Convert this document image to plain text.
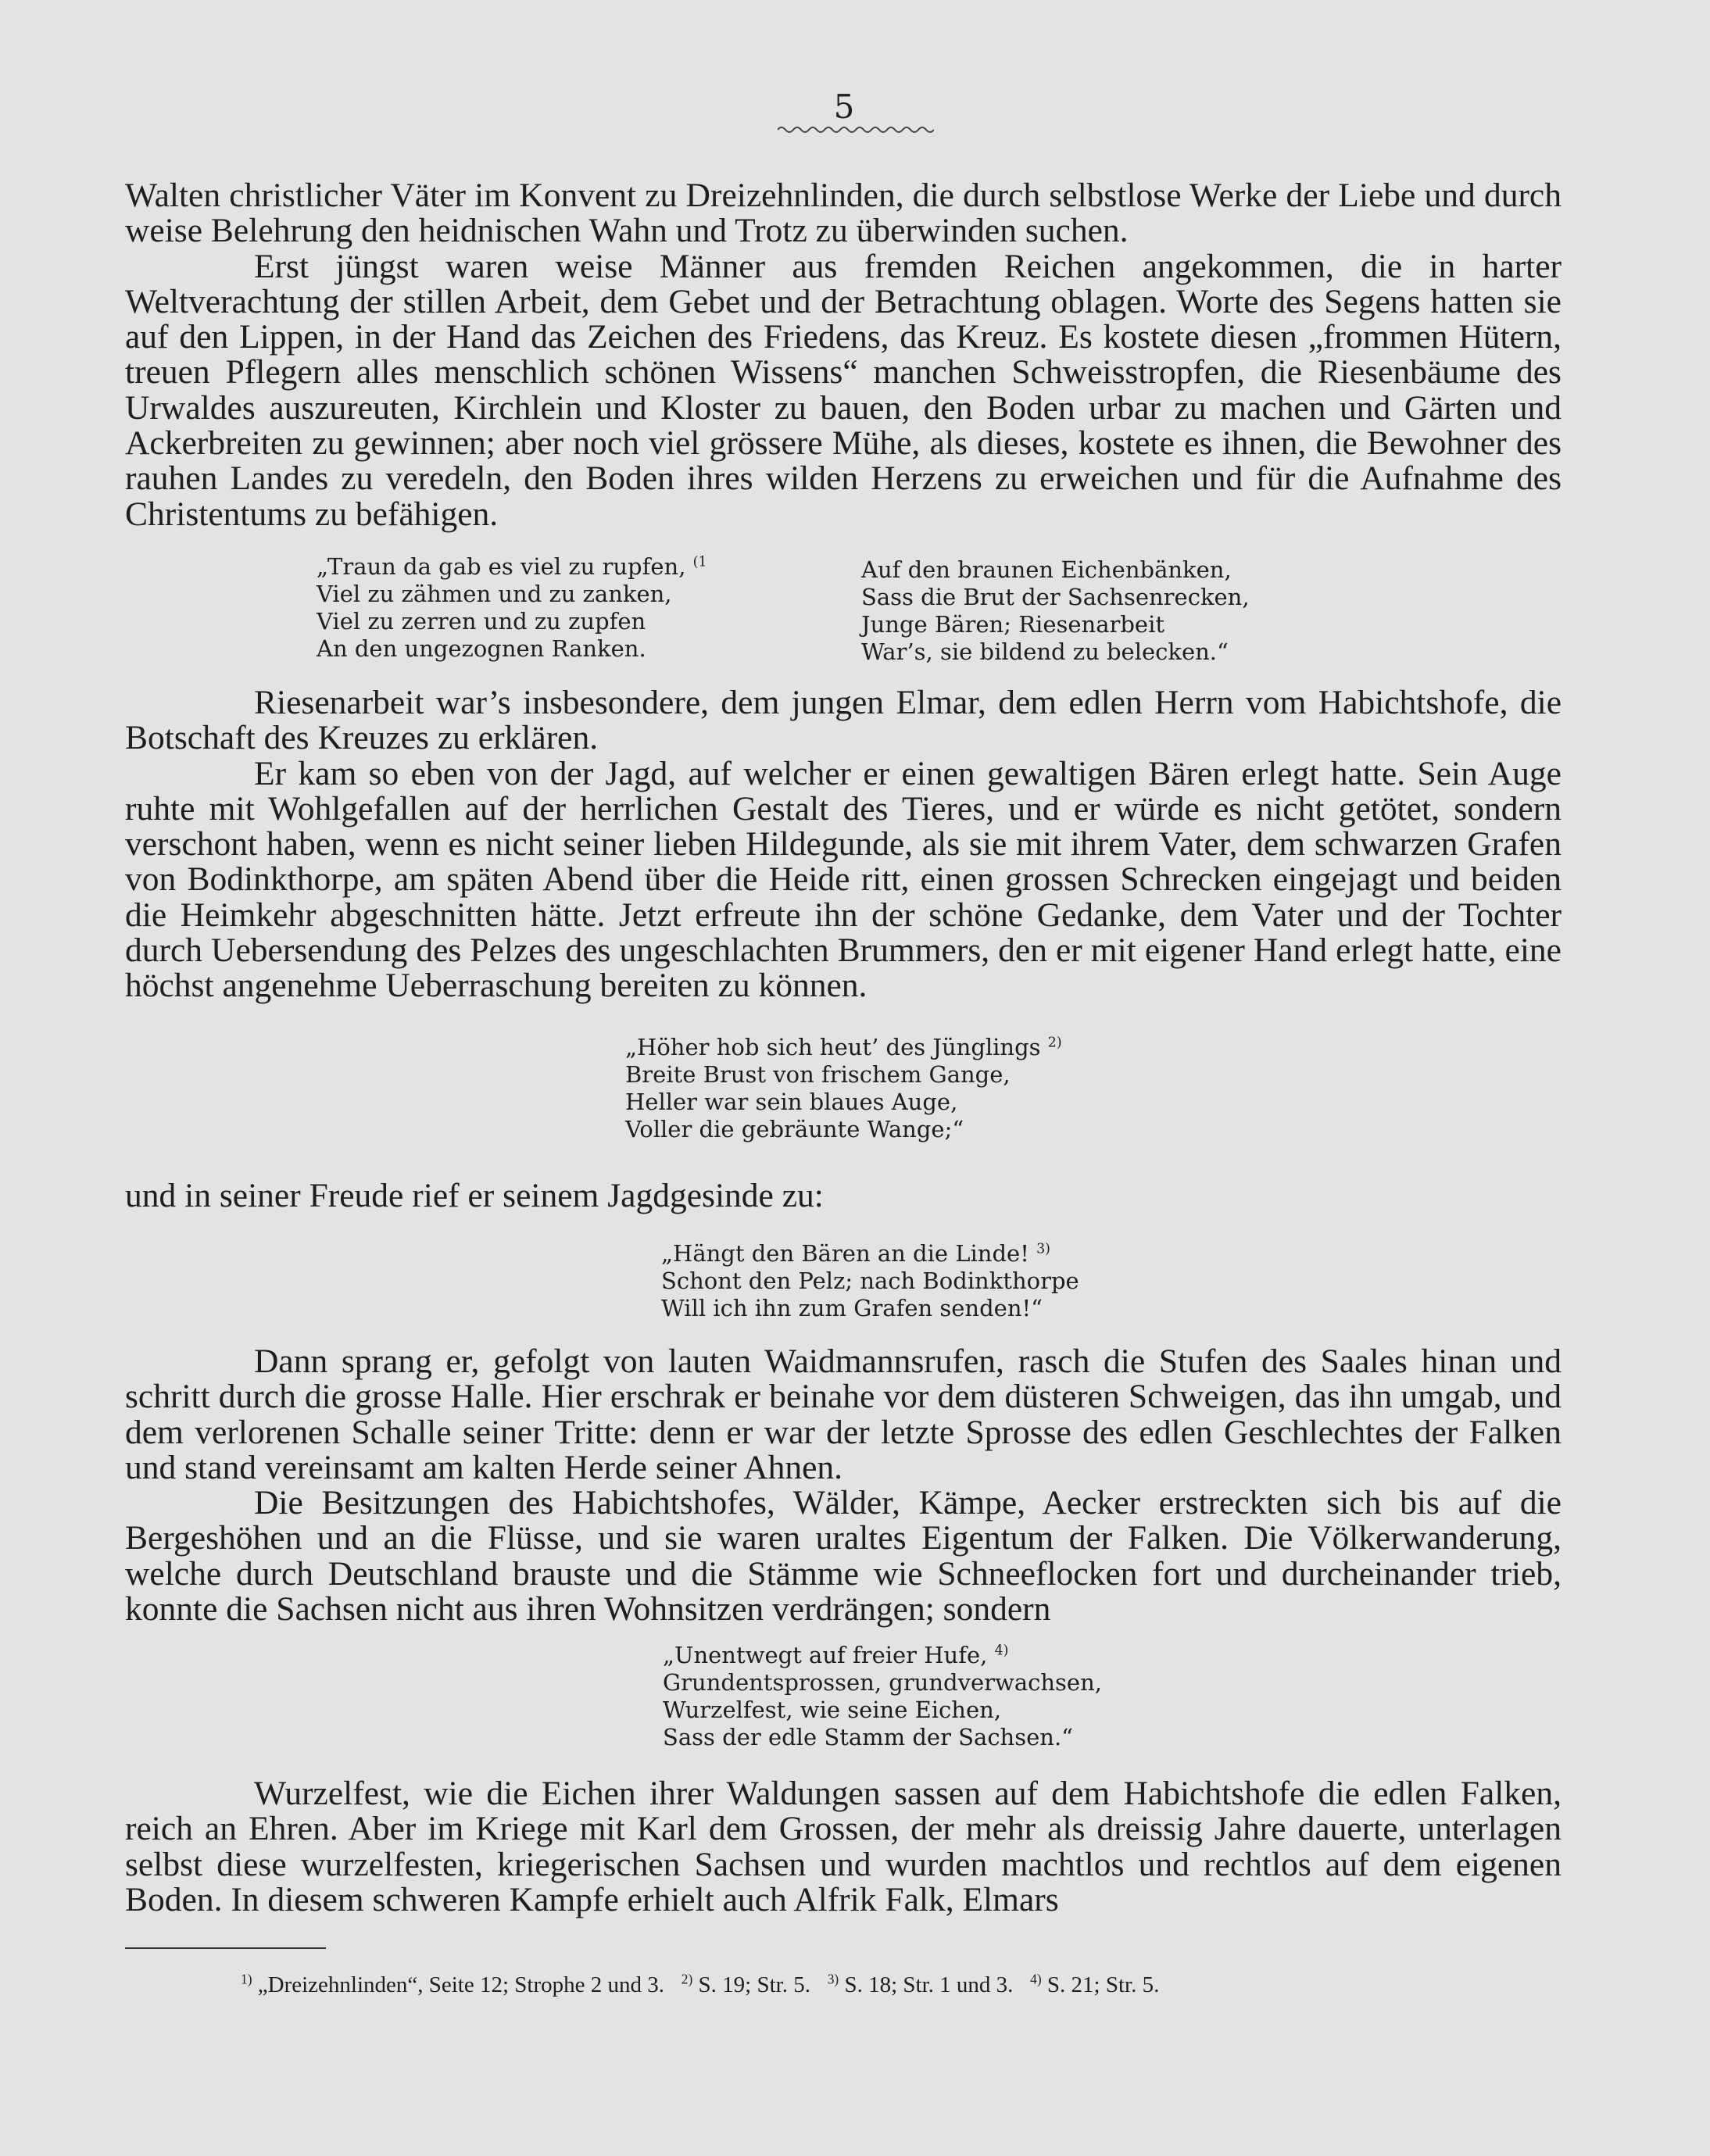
5

Walten christlicher Väter im Konvent zu Dreizehnlinden, die durch selbstlose Werke der Liebe und durch weise Belehrung den heidnischen Wahn und Trotz zu überwinden suchen.

Erst jüngst waren weise Männer aus fremden Reichen angekommen, die in harter Weltverachtung der stillen Arbeit, dem Gebet und der Betrachtung oblagen. Worte des Segens hatten sie auf den Lippen, in der Hand das Zeichen des Friedens, das Kreuz. Es kostete diesen „frommen Hütern, treuen Pflegern alles menschlich schönen Wissens“ manchen Schweisstropfen, die Riesenbäume des Urwaldes auszureuten, Kirchlein und Kloster zu bauen, den Boden urbar zu machen und Gärten und Ackerbreiten zu gewinnen; aber noch viel grössere Mühe, als dieses, kostete es ihnen, die Bewohner des rauhen Landes zu veredeln, den Boden ihres wilden Herzens zu erweichen und für die Aufnahme des Christentums zu befähigen.

„Traun da gab es viel zu rupfen, $^{(1}$
Viel zu zähmen und zu zanken,
Viel zu zerren und zu zupfen
An den ungezognen Ranken.
Auf den braunen Eichenbänken,
Sass die Brut der Sachsenrecken,
Junge Bären; Riesenarbeit
War’s, sie bildend zu belecken.“

Riesenarbeit war’s insbesondere, dem jungen Elmar, dem edlen Herrn vom Habichtshofe, die Botschaft des Kreuzes zu erklären.

Er kam so eben von der Jagd, auf welcher er einen gewaltigen Bären erlegt hatte. Sein Auge ruhte mit Wohlgefallen auf der herrlichen Gestalt des Tieres, und er würde es nicht getötet, sondern verschont haben, wenn es nicht seiner lieben Hildegunde, als sie mit ihrem Vater, dem schwarzen Grafen von Bodinkthorpe, am späten Abend über die Heide ritt, einen grossen Schrecken eingejagt und beiden die Heimkehr abgeschnitten hätte. Jetzt erfreute ihn der schöne Gedanke, dem Vater und der Tochter durch Uebersendung des Pelzes des ungeschlachten Brummers, den er mit eigener Hand erlegt hatte, eine höchst angenehme Ueberraschung bereiten zu können.

„Höher hob sich heut’ des Jünglings $^{2)}$
Breite Brust von frischem Gange,
Heller war sein blaues Auge,
Voller die gebräunte Wange;“

und in seiner Freude rief er seinem Jagdgesinde zu:

„Hängt den Bären an die Linde! $^{3)}$
Schont den Pelz; nach Bodinkthorpe
Will ich ihn zum Grafen senden!“

Dann sprang er, gefolgt von lauten Waidmannsrufen, rasch die Stufen des Saales hinan und schritt durch die grosse Halle. Hier erschrak er beinahe vor dem düsteren Schweigen, das ihn umgab, und dem verlorenen Schalle seiner Tritte: denn er war der letzte Sprosse des edlen Geschlechtes der Falken und stand vereinsamt am kalten Herde seiner Ahnen.

Die Besitzungen des Habichtshofes, Wälder, Kämpe, Aecker erstreckten sich bis auf die Bergeshöhen und an die Flüsse, und sie waren uraltes Eigentum der Falken. Die Völkerwanderung, welche durch Deutschland brauste und die Stämme wie Schneeflocken fort und durcheinander trieb, konnte die Sachsen nicht aus ihren Wohnsitzen verdrängen; sondern

„Unentwegt auf freier Hufe, $^{4)}$
Grundentsprossen, grundverwachsen,
Wurzelfest, wie seine Eichen,
Sass der edle Stamm der Sachsen.“

Wurzelfest, wie die Eichen ihrer Waldungen sassen auf dem Habichtshofe die edlen Falken, reich an Ehren. Aber im Kriege mit Karl dem Grossen, der mehr als dreissig Jahre dauerte, unterlagen selbst diese wurzelfesten, kriegerischen Sachsen und wurden machtlos und rechtlos auf dem eigenen Boden. In diesem schweren Kampfe erhielt auch Alfrik Falk, Elmars

$^{1)}$ „Dreizehnlinden“, Seite 12; Strophe 2 und 3. $^{2)}$ S. 19; Str. 5. $^{3)}$ S. 18; Str. 1 und 3. $^{4)}$ S. 21; Str. 5.
